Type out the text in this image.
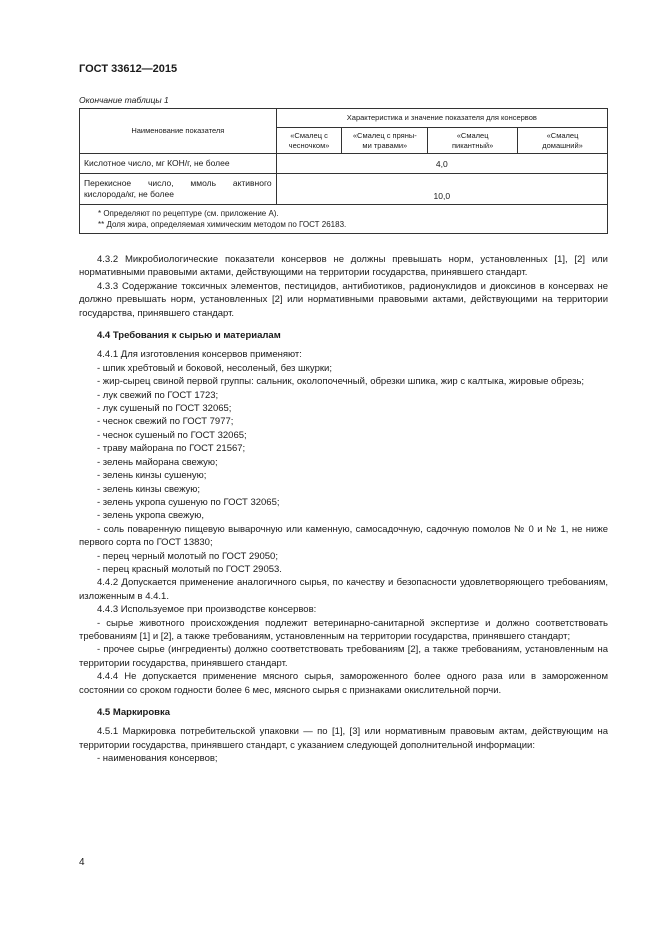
ГОСТ 33612—2015
Окончание таблицы 1
Наименование показателя	Характеристика и значение показателя для консервов			
	«Смалец с чесночком»	«Смалец с пряны-ми травами»	«Смалец пикантный»	«Смалец домашний»
Кислотное число, мг КОН/г, не более	4,0			
Перекисное число, ммоль активного кислорода/кг, не более	10,0			

* Определяют по рецептуре (см. приложение А).

** Доля жира, определяемая химическим методом по ГОСТ 26183.				

4.3.2 Микробиологические показатели консервов не должны превышать норм, установленных [1], [2] или нормативными правовыми актами, действующими на территории государства, принявшего стандарт.

4.3.3 Содержание токсичных элементов, пестицидов, антибиотиков, радионуклидов и диоксинов в консервах не должно превышать норм, установленных [2] или нормативными правовыми актами, действующими на территории государства, принявшего стандарт.

4.4 Требования к сырью и материалам

4.4.1 Для изготовления консервов применяют:

- шпик хребтовый и боковой, несоленый, без шкурки;

- жир-сырец свиной первой группы: сальник, околопочечный, обрезки шпика, жир с калтыка, жировые обрезь;

- лук свежий по ГОСТ 1723;

- лук сушеный по ГОСТ 32065;

- чеснок свежий по ГОСТ 7977;

- чеснок сушеный по ГОСТ 32065;

- траву майорана по ГОСТ 21567;

- зелень майорана свежую;

- зелень кинзы сушеную;

- зелень кинзы свежую;

- зелень укропа сушеную по ГОСТ 32065;

- зелень укропа свежую,

- соль поваренную пищевую выварочную или каменную, самосадочную, садочную помолов № 0 и № 1, не ниже первого сорта по ГОСТ 13830;

- перец черный молотый по ГОСТ 29050;

- перец красный молотый по ГОСТ 29053.

4.4.2 Допускается применение аналогичного сырья, по качеству и безопасности удовлетворяющего требованиям, изложенным в 4.4.1.

4.4.3 Используемое при производстве консервов:

- сырье животного происхождения подлежит ветеринарно-санитарной экспертизе и должно соответствовать требованиям [1] и [2], а также требованиям, установленным на территории государства, принявшего стандарт;

- прочее сырье (ингредиенты) должно соответствовать требованиям [2], а также требованиям, установленным на территории государства, принявшего стандарт.

4.4.4 Не допускается применение мясного сырья, замороженного более одного раза или в замороженном состоянии со сроком годности более 6 мес, мясного сырья с признаками окислительной порчи.

4.5 Маркировка

4.5.1 Маркировка потребительской упаковки — по [1], [3] или нормативным правовым актам, действующим на территории государства, принявшего стандарт, с указанием следующей дополнительной информации:

- наименования консервов;

4
